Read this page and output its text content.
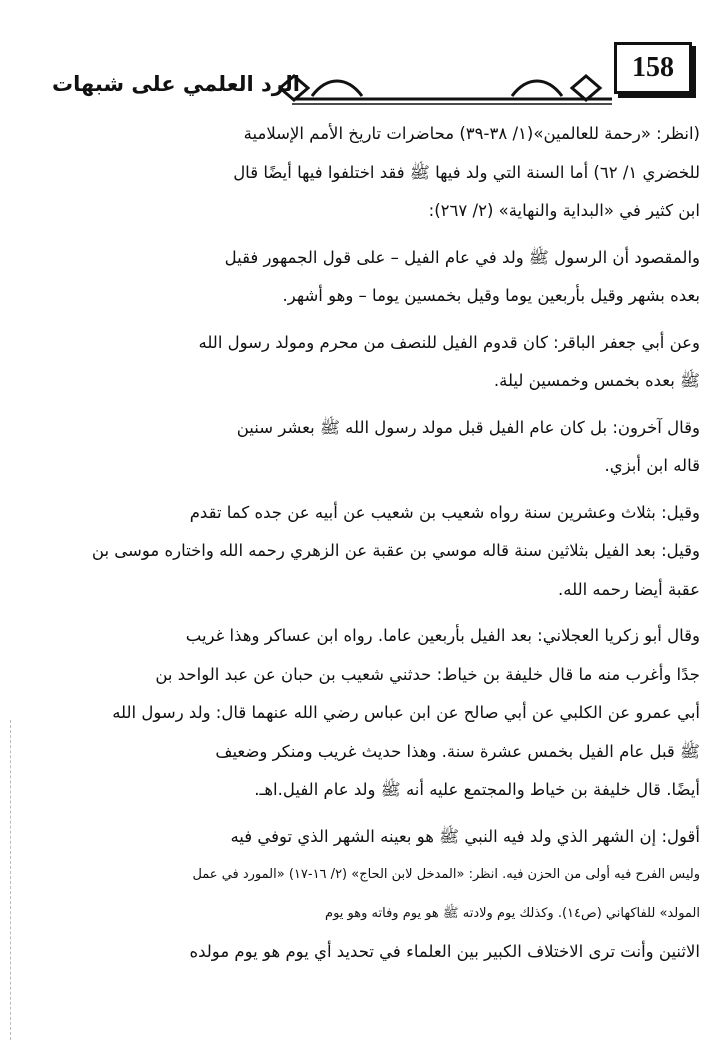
158
الرد العلمي على شبهات
(انظر: «رحمة للعالمين»(١/ ٣٨-٣٩) محاضرات تاريخ الأمم الإسلامية
للخضري ١/ ٦٢) أما السنة التي ولد فيها ﷺ فقد اختلفوا فيها أيضًا قال
ابن كثير في «البداية والنهاية» (٢/ ٢٦٧):
والمقصود أن الرسول ﷺ ولد في عام الفيل – على قول الجمهور فقيل
بعده بشهر وقيل بأربعين يوما وقيل بخمسين يوما – وهو أشهر.
وعن أبي جعفر الباقر: كان قدوم الفيل للنصف من محرم ومولد رسول الله
ﷺ بعده بخمس وخمسين ليلة.
وقال آخرون: بل كان عام الفيل قبل مولد رسول الله ﷺ بعشر سنين
قاله ابن أبزي.
وقيل: بثلاث وعشرين سنة رواه شعيب بن شعيب عن أبيه عن جده كما تقدم
وقيل: بعد الفيل بثلاثين سنة قاله موسي بن عقبة عن الزهري رحمه الله واختاره موسى بن
عقبة أيضا رحمه الله.
وقال أبو زكريا العجلاني: بعد الفيل بأربعين عاما. رواه ابن عساكر وهذا غريب
جدًا وأغرب منه ما قال خليفة بن خياط: حدثني شعيب بن حبان عن عبد الواحد بن
أبي عمرو عن الكلبي عن أبي صالح عن ابن عباس رضي الله عنهما قال: ولد رسول الله
ﷺ قبل عام الفيل بخمس عشرة سنة. وهذا حديث غريب ومنكر وضعيف
أيضًا. قال خليفة بن خياط والمجتمع عليه أنه ﷺ ولد عام الفيل.اهـ.
أقول: إن الشهر الذي ولد فيه النبي ﷺ هو بعينه الشهر الذي توفي فيه
وليس الفرح فيه أولى من الحزن فيه. انظر: «المدخل لابن الحاج» (٢/ ١٦-١٧) «المورد في عمل
المولد» للفاكهاني (ص١٤). وكذلك يوم ولادته ﷺ هو يوم وفاته وهو يوم
الاثنين وأنت ترى الاختلاف الكبير بين العلماء في تحديد أي يوم هو يوم مولده
